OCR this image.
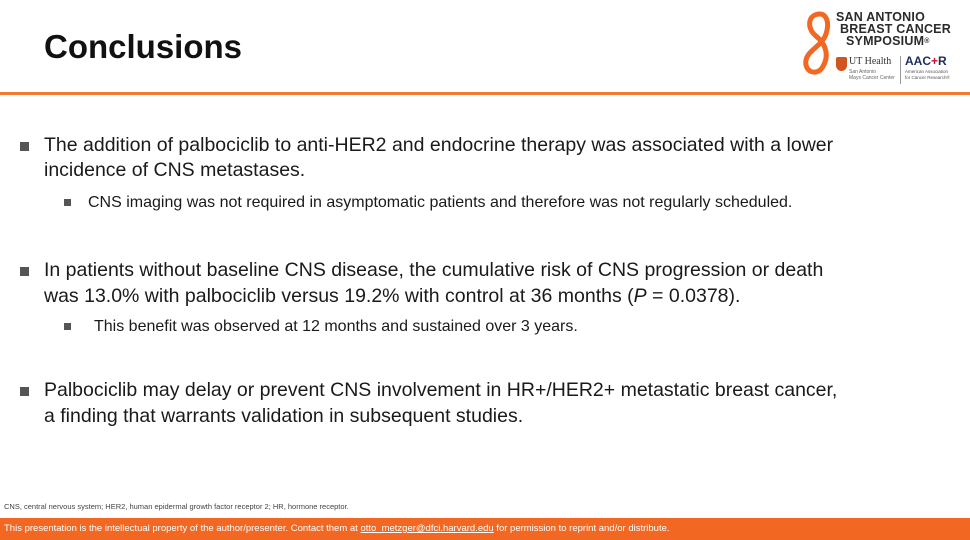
Conclusions
SAN ANTONIO
BREAST CANCER
SYMPOSIUM®
UT Health
San Antonio
Mays Cancer Center
AAC+R
American Association
for Cancer Research®
The addition of palbociclib to anti-HER2 and endocrine therapy was associated with a lower
incidence of CNS metastases.
CNS imaging was not required in asymptomatic patients and therefore was not regularly scheduled.
In patients without baseline CNS disease, the cumulative risk of CNS progression or death
was 13.0% with palbociclib versus 19.2% with control at 36 months (P = 0.0378).
This benefit was observed at 12 months and sustained over 3 years.
Palbociclib may delay or prevent CNS involvement in HR+/HER2+ metastatic breast cancer,
a finding that warrants validation in subsequent studies.
CNS, central nervous system; HER2, human epidermal growth factor receptor 2; HR, hormone receptor.
This presentation is the intellectual property of the author/presenter. Contact them at otto_metzger@dfci.harvard.edu for permission to reprint and/or distribute.
